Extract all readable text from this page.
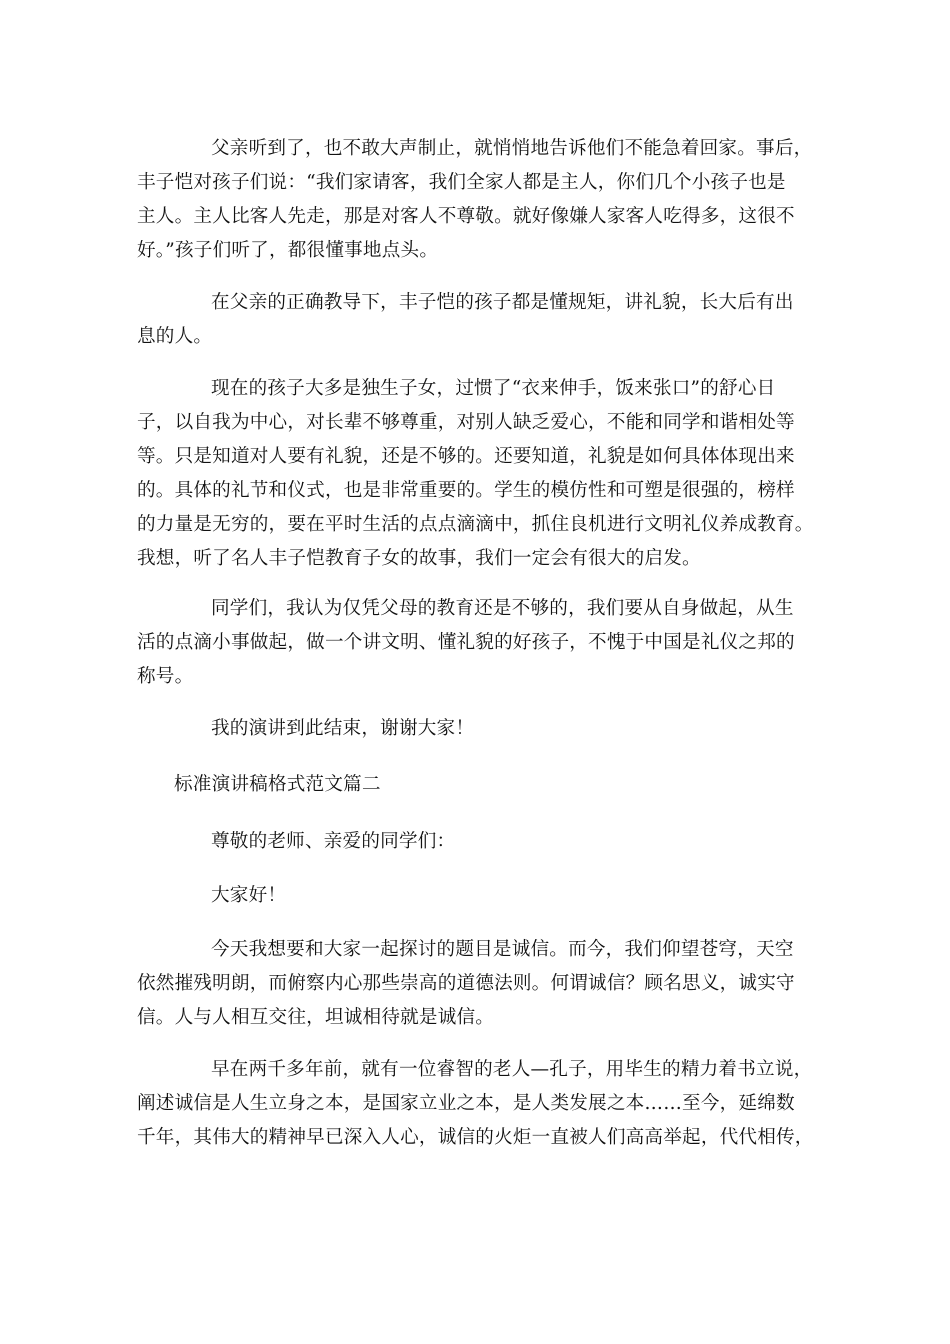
父亲听到了，也不敢大声制止，就悄悄地告诉他们不能急着回家。事后，
丰子恺对孩子们说：“我们家请客，我们全家人都是主人，你们几个小孩子也是
主人。主人比客人先走，那是对客人不尊敬。就好像嫌人家客人吃得多，这很不
好。”孩子们听了，都很懂事地点头。
在父亲的正确教导下，丰子恺的孩子都是懂规矩，讲礼貌，长大后有出
息的人。
现在的孩子大多是独生子女，过惯了“衣来伸手，饭来张口”的舒心日
子，以自我为中心，对长辈不够尊重，对别人缺乏爱心，不能和同学和谐相处等
等。只是知道对人要有礼貌，还是不够的。还要知道，礼貌是如何具体体现出来
的。具体的礼节和仪式，也是非常重要的。学生的模仿性和可塑是很强的，榜样
的力量是无穷的，要在平时生活的点点滴滴中，抓住良机进行文明礼仪养成教育。
我想，听了名人丰子恺教育子女的故事，我们一定会有很大的启发。
同学们，我认为仅凭父母的教育还是不够的，我们要从自身做起，从生
活的点滴小事做起，做一个讲文明、懂礼貌的好孩子，不愧于中国是礼仪之邦的
称号。
我的演讲到此结束，谢谢大家！
标准演讲稿格式范文篇二
尊敬的老师、亲爱的同学们：
大家好！
今天我想要和大家一起探讨的题目是诚信。而今，我们仰望苍穹，天空
依然摧残明朗，而俯察内心那些崇高的道德法则。何谓诚信？顾名思义，诚实守
信。人与人相互交往，坦诚相待就是诚信。
早在两千多年前，就有一位睿智的老人—孔子，用毕生的精力着书立说，
阐述诚信是人生立身之本，是国家立业之本，是人类发展之本……至今，延绵数
千年，其伟大的精神早已深入人心，诚信的火炬一直被人们高高举起，代代相传，
